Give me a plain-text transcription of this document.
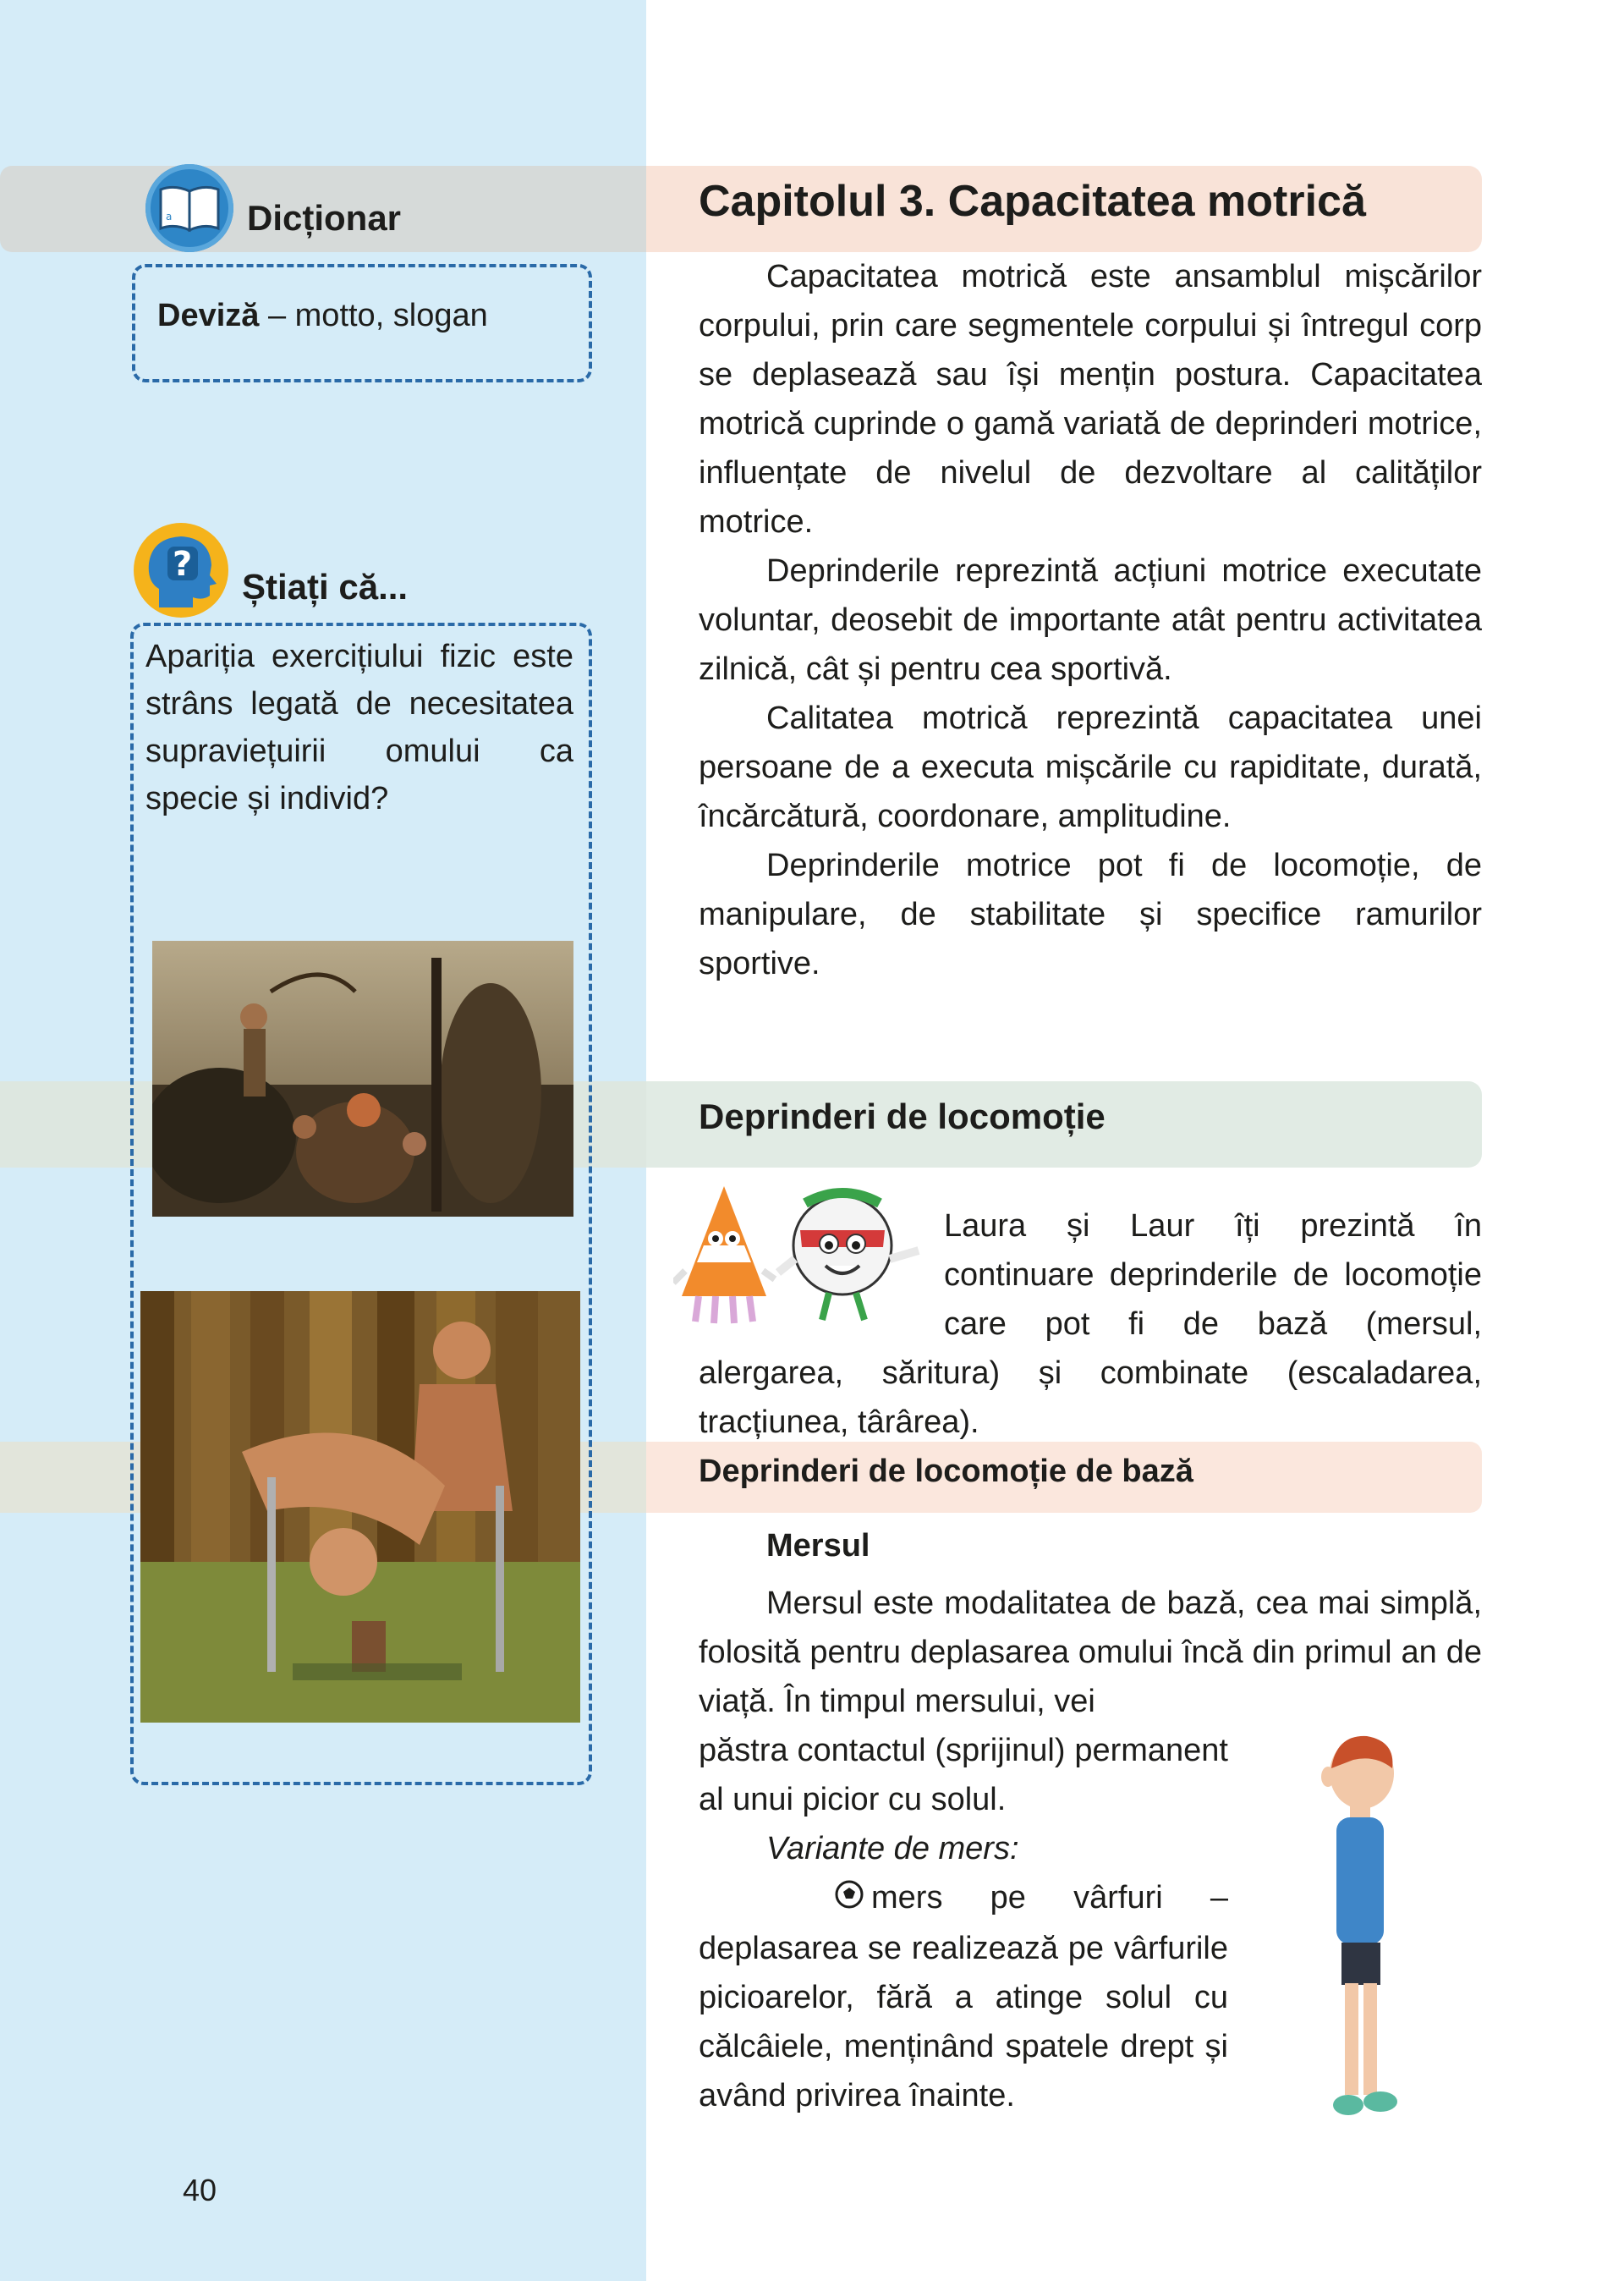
a Dicționar
Deviză – motto, slogan
?
Știați că...
Apariția exercițiului fizic este strâns legată de necesitatea supraviețuirii omului ca specie și individ?
40
Capitolul 3. Capacitatea motrică

Capacitatea motrică este ansamblul mișcărilor corpului, prin care segmentele corpului și întregul corp se deplasează sau își mențin postura. Capacitatea motrică cuprinde o gamă variată de deprinderi motrice, influențate de nivelul de dezvoltare al calităților motrice.

Deprinderile reprezintă acțiuni motrice executate voluntar, deosebit de importante atât pentru activitatea zilnică, cât și pentru cea sportivă.

Calitatea motrică reprezintă capacitatea unei persoane de a executa mișcările cu rapiditate, durată, încărcătură, coordonare, amplitudine.

Deprinderile motrice pot fi de locomoție, de manipulare, de stabilitate și specifice ramurilor sportive.

Deprinderi de locomoție
Laura și Laur îți prezintă în continuare deprinderile de locomoție care pot fi de bază (mersul, alergarea, săritura) și combinate (escaladarea, tracțiunea, târârea).
Deprinderi de locomoție de bază
Mersul

Mersul este modalitatea de bază, cea mai simplă, folosită pentru deplasarea omului încă din primul an de viață. În timpul mersului, vei

păstra contactul (sprijinul) permanent al unui picior cu solul.

Variante de mers:

mers pe vârfuri – deplasarea se realizează pe vârfurile picioarelor, fără a atinge solul cu călcâiele, menținând spatele drept și având privirea înainte.
